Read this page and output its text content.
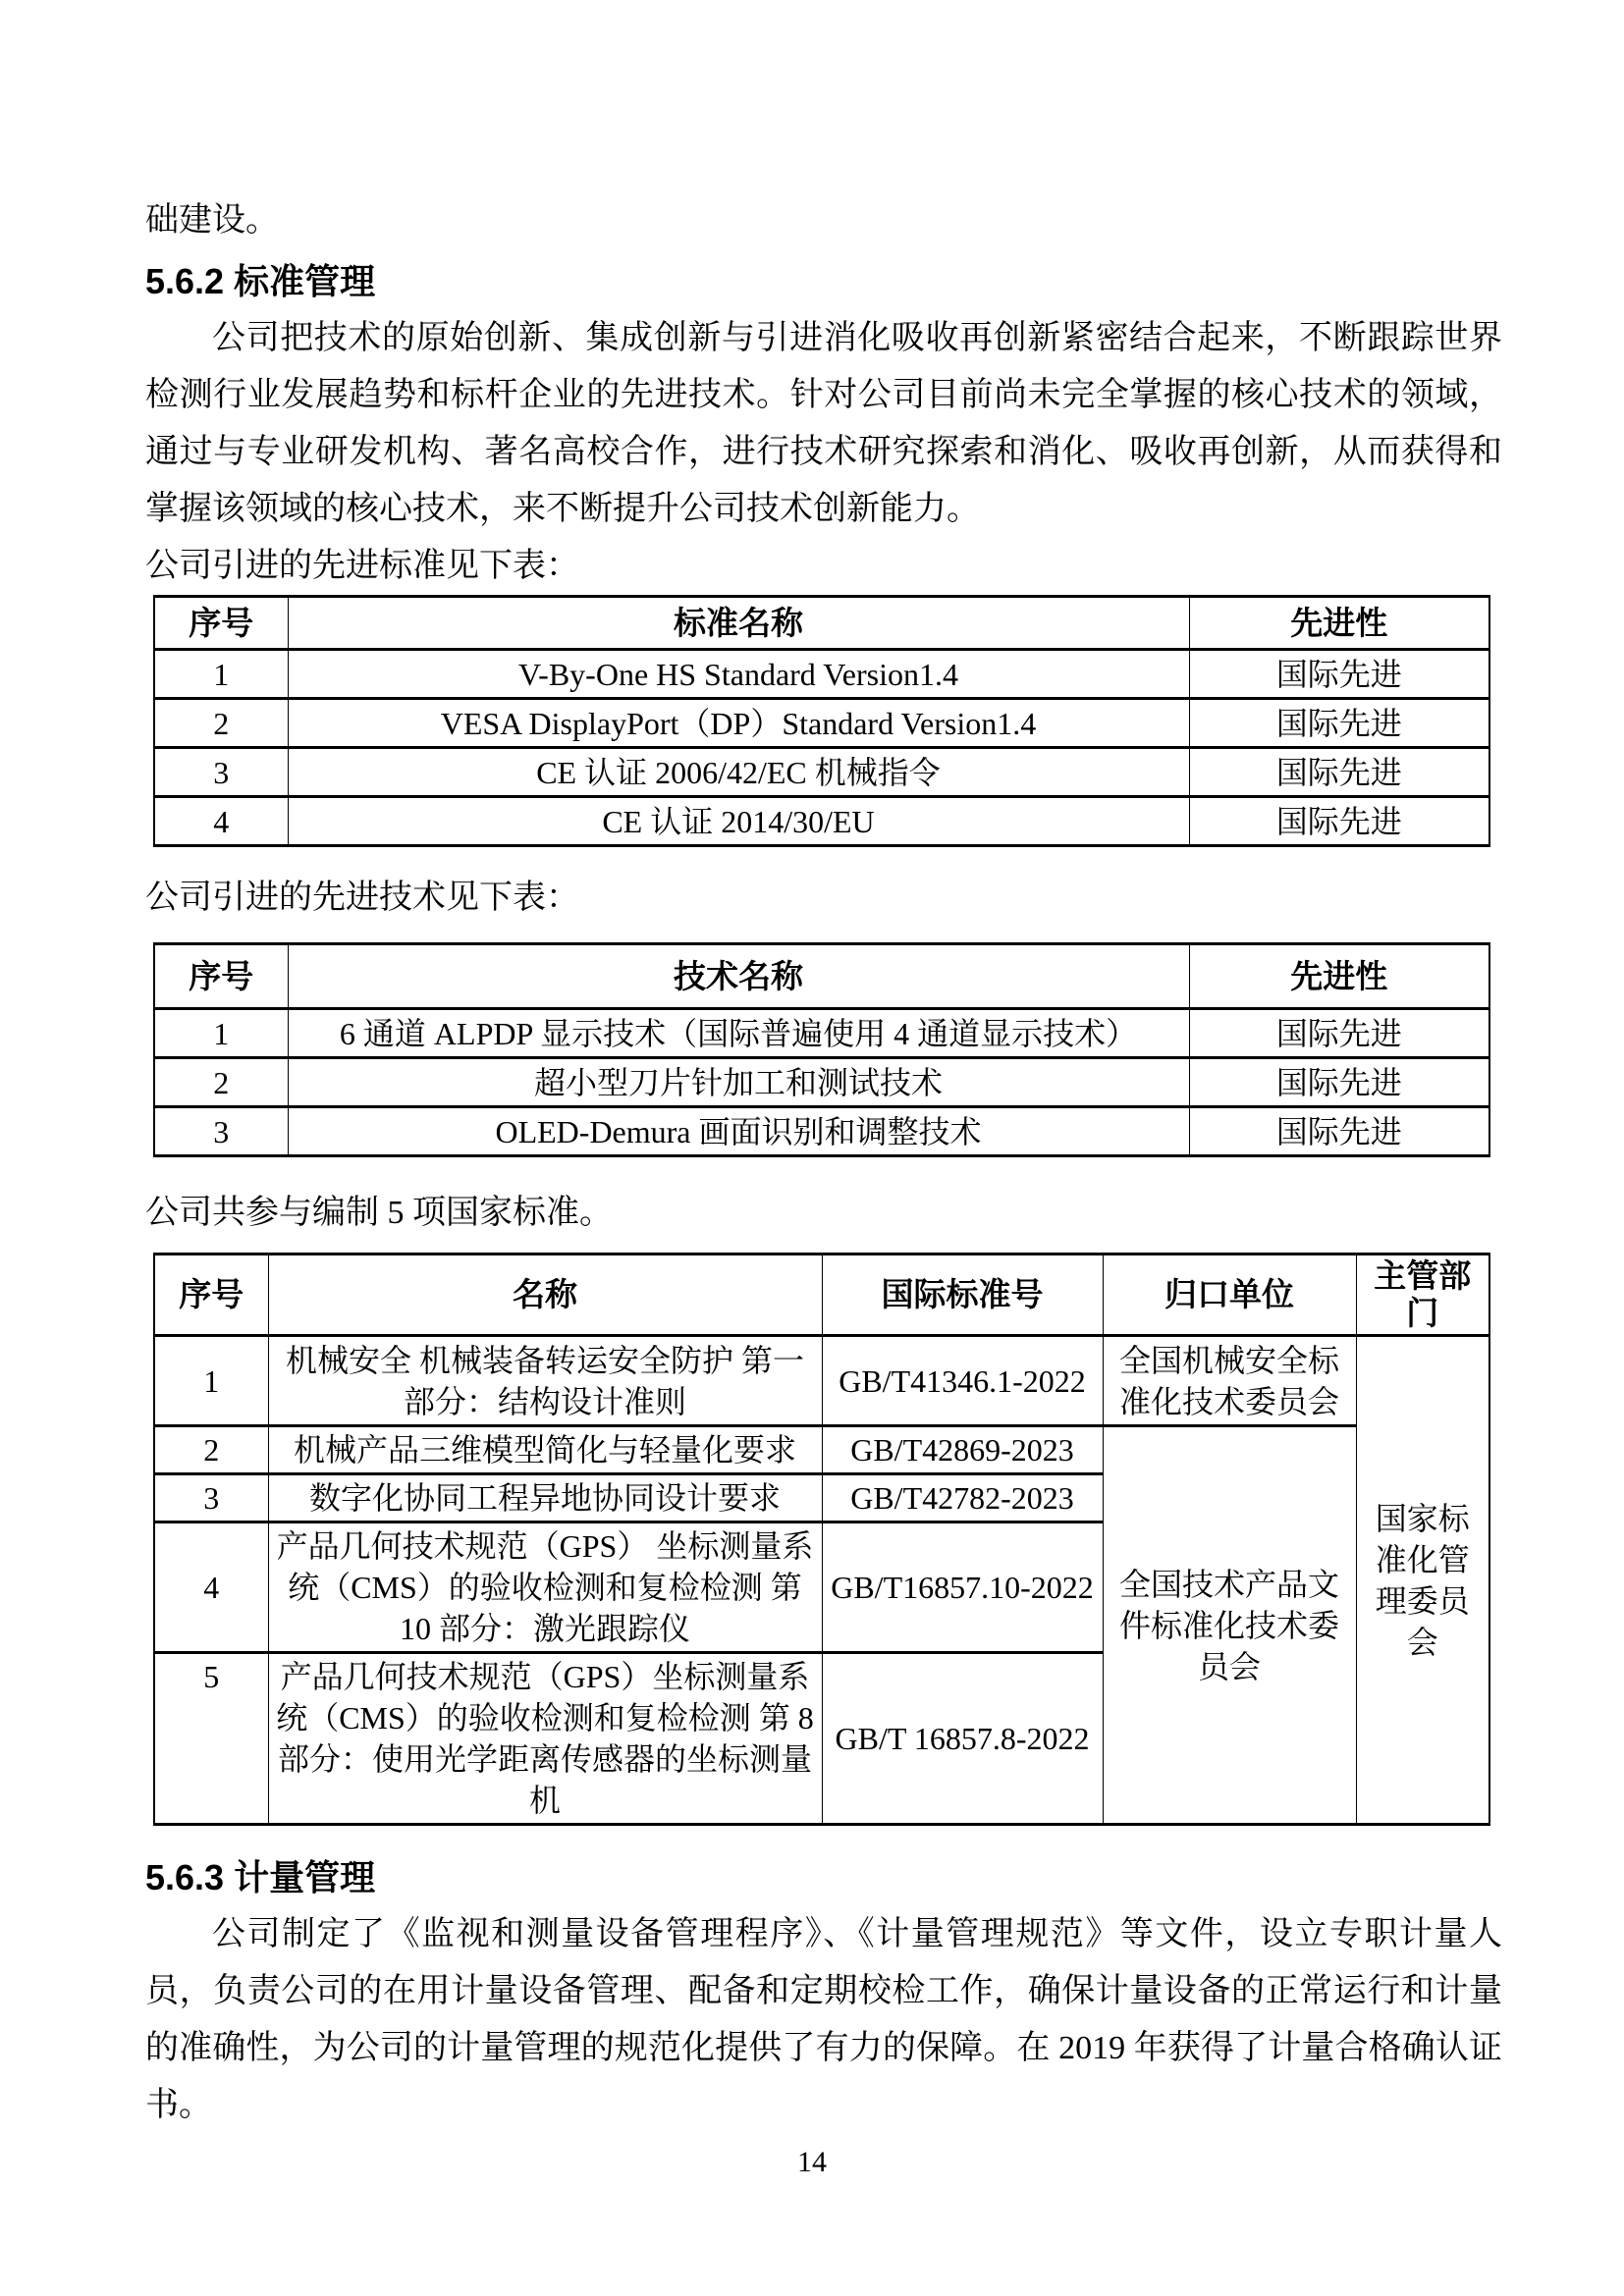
础建设。

5.6.2 标准管理

公司把技术的原始创新、集成创新与引进消化吸收再创新紧密结合起来，不断跟踪世界检测行业发展趋势和标杆企业的先进技术。针对公司目前尚未完全掌握的核心技术的领域，通过与专业研发机构、著名高校合作，进行技术研究探索和消化、吸收再创新，从而获得和掌握该领域的核心技术，来不断提升公司技术创新能力。

公司引进的先进标准见下表：

序号	标准名称	先进性
1	V-By-One HS Standard Version1.4	国际先进
2	VESA DisplayPort（DP）Standard Version1.4	国际先进
3	CE 认证 2006/42/EC 机械指令	国际先进
4	CE 认证 2014/30/EU	国际先进

公司引进的先进技术见下表：

序号	技术名称	先进性
1	6 通道 ALPDP 显示技术（国际普遍使用 4 通道显示技术）	国际先进
2	超小型刀片针加工和测试技术	国际先进
3	OLED-Demura 画面识别和调整技术	国际先进

公司共参与编制 5 项国家标准。

序号	名称	国际标准号	归口单位	主管部门
1	机械安全 机械装备转运安全防护 第一部分：结构设计准则	GB/T41346.1-2022	全国机械安全标准化技术委员会	国家标准化管理委员会
2	机械产品三维模型简化与轻量化要求	GB/T42869-2023	全国技术产品文件标准化技术委员会	
3	数字化协同工程异地协同设计要求	GB/T42782-2023		
4	产品几何技术规范（GPS） 坐标测量系统（CMS）的验收检测和复检检测 第 10 部分：激光跟踪仪	GB/T16857.10-2022		
5	产品几何技术规范（GPS）坐标测量系统（CMS）的验收检测和复检检测 第 8 部分：使用光学距离传感器的坐标测量机	GB/T 16857.8-2022		
5.6.3 计量管理

公司制定了《监视和测量设备管理程序》、《计量管理规范》等文件，设立专职计量人员，负责公司的在用计量设备管理、配备和定期校检工作，确保计量设备的正常运行和计量的准确性，为公司的计量管理的规范化提供了有力的保障。在 2019 年获得了计量合格确认证书。

14
